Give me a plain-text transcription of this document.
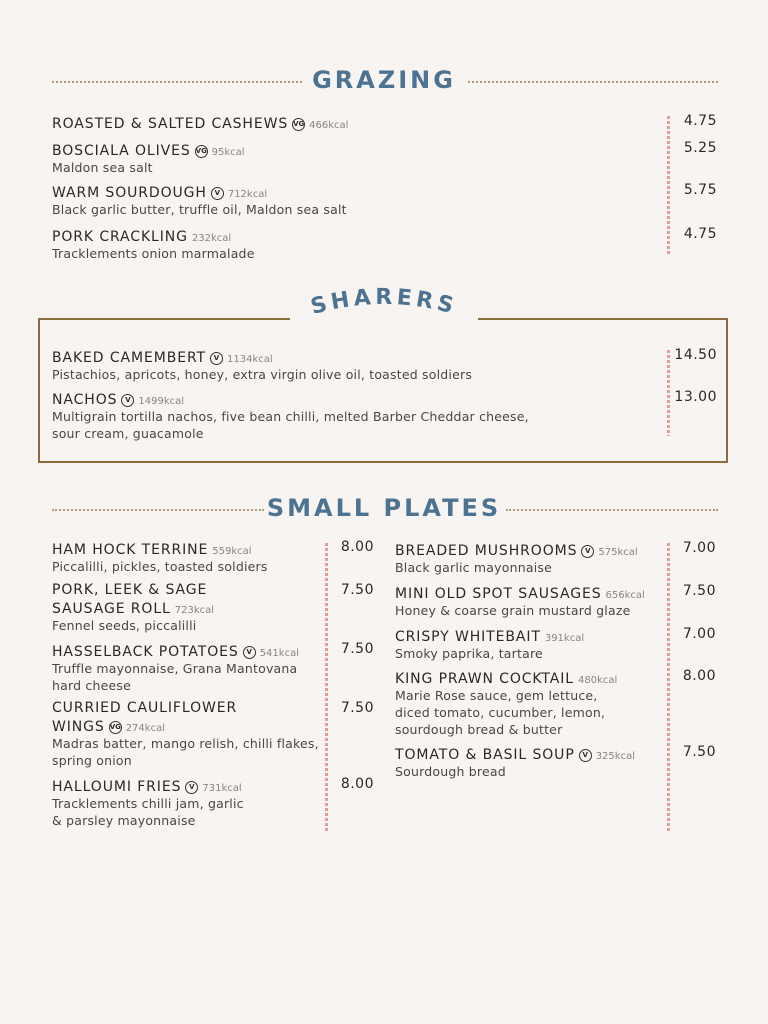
GRAZING
ROASTED & SALTED CASHEWS VG 466kcal	4.75
BOSCIALA OLIVES VG 95kcal
Maldon sea salt
5.25
WARM SOURDOUGH V 712kcal
Black garlic butter, truffle oil, Maldon sea salt
5.75
PORK CRACKLING 232kcal
Tracklements onion marmalade
4.75
SHARERS
BAKED CAMEMBERT V 1134kcal
Pistachios, apricots, honey, extra virgin olive oil, toasted soldiers
14.50
NACHOS V 1499kcal
Multigrain tortilla nachos, five bean chilli, melted Barber Cheddar cheese,
sour cream, guacamole
13.00
SMALL PLATES
HAM HOCK TERRINE 559kcal
Piccalilli, pickles, toasted soldiers
8.00
PORK, LEEK & SAGE
SAUSAGE ROLL 723kcal
Fennel seeds, piccalilli
7.50
HASSELBACK POTATOES V 541kcal
Truffle mayonnaise, Grana Mantovana
hard cheese
7.50
CURRIED CAULIFLOWER
WINGS VG 274kcal
Madras batter, mango relish, chilli flakes,
spring onion
7.50
HALLOUMI FRIES V 731kcal
Tracklements chilli jam, garlic
& parsley mayonnaise
8.00
BREADED MUSHROOMS V 575kcal
Black garlic mayonnaise
7.00
MINI OLD SPOT SAUSAGES 656kcal
Honey & coarse grain mustard glaze
7.50
CRISPY WHITEBAIT 391kcal
Smoky paprika, tartare
7.00
KING PRAWN COCKTAIL 480kcal
Marie Rose sauce, gem lettuce,
diced tomato, cucumber, lemon,
sourdough bread & butter
8.00
TOMATO & BASIL SOUP V 325kcal
Sourdough bread
7.50
